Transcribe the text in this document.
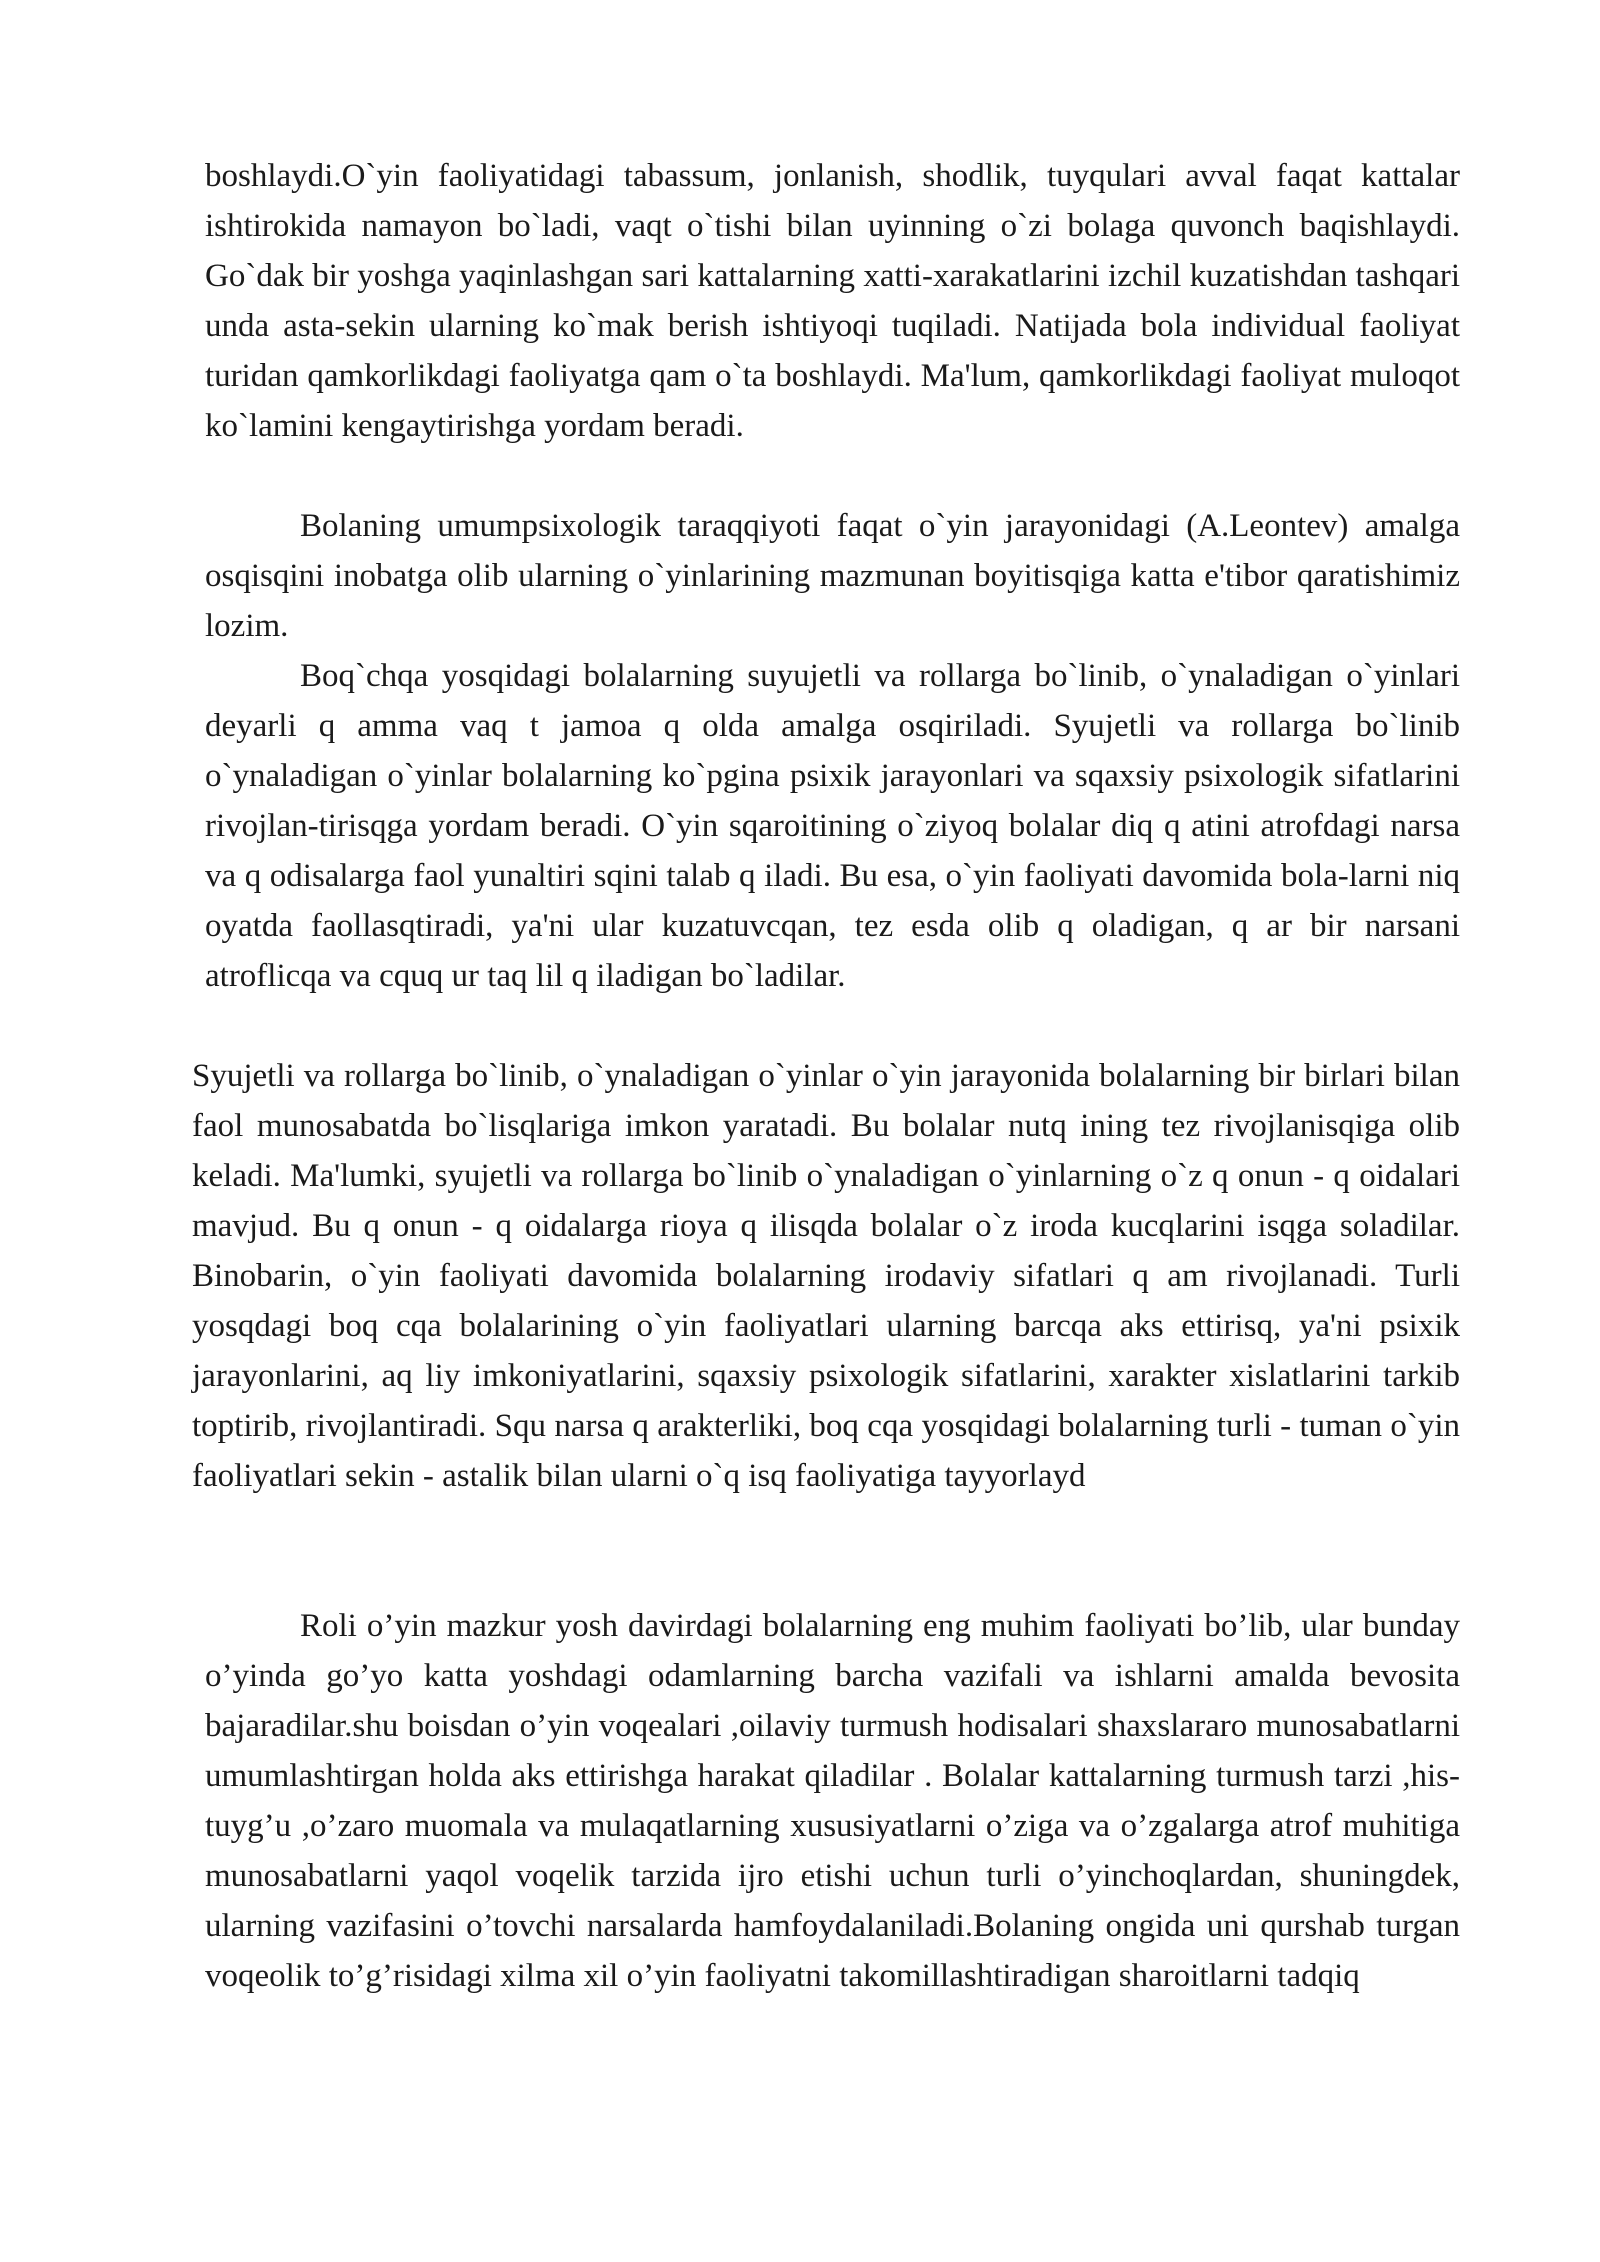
boshlaydi.O`yin faoliyatidagi tabassum, jonlanish, shodlik, tuyqulari avval faqat kattalar ishtirokida namayon bo`ladi, vaqt o`tishi bilan uyinning o`zi bolaga quvonch baqishlaydi. Go`dak bir yoshga yaqinlashgan sari kattalarning xatti-xarakatlarini izchil kuzatishdan tashqari unda asta-sekin ularning ko`mak berish ishtiyoqi tuqiladi. Natijada bola individual faoliyat turidan qamkorlikdagi faoliyatga qam o`ta boshlaydi. Ma'lum, qamkorlikdagi faoliyat muloqot ko`lamini kengaytirishga yordam beradi.

Bolaning umumpsixologik taraqqiyoti faqat o`yin jarayonidagi (A.Leontev) amalga osqisqini inobatga olib ularning o`yinlarining mazmunan boyitisqiga katta e'tibor qaratishimiz lozim.

Boq`chqa yosqidagi bolalarning suyujetli va rollarga bo`linib, o`ynaladigan o`yinlari deyarli q amma vaq t jamoa q olda amalga osqiriladi. Syujetli va rollarga bo`linib o`ynaladigan o`yinlar bolalarning ko`pgina psixik jarayonlari va sqaxsiy psixologik sifatlarini rivojlan-tirisqga yordam beradi. O`yin sqaroitining o`ziyoq bolalar diq q atini atrofdagi narsa va q odisalarga faol yunaltiri sqini talab q iladi. Bu esa, o`yin faoliyati davomida bola-larni niq oyatda faollasqtiradi, ya'ni ular kuzatuvcqan, tez esda olib q oladigan, q ar bir narsani atroflicqa va cquq ur taq lil q iladigan bo`ladilar.

Syujetli va rollarga bo`linib, o`ynaladigan o`yinlar o`yin jarayonida bolalarning bir birlari bilan faol munosabatda bo`lisqlariga imkon yaratadi. Bu bolalar nutq ining tez rivojlanisqiga olib keladi. Ma'lumki, syujetli va rollarga bo`linib o`ynaladigan o`yinlarning o`z q onun - q oidalari mavjud. Bu q onun - q oidalarga rioya q ilisqda bolalar o`z iroda kucqlarini isqga soladilar. Binobarin, o`yin faoliyati davomida bolalarning irodaviy sifatlari q am rivojlanadi. Turli yosqdagi boq cqa bolalarining o`yin faoliyatlari ularning barcqa aks ettirisq, ya'ni psixik jarayonlarini, aq liy imkoniyatlarini, sqaxsiy psixologik sifatlarini, xarakter xislatlarini tarkib toptirib, rivojlantiradi. Squ narsa q arakterliki, boq cqa yosqidagi bolalarning turli - tuman o`yin faoliyatlari sekin - astalik bilan ularni o`q isq faoliyatiga tayyorlayd

Roli o’yin mazkur yosh davirdagi bolalarning eng muhim faoliyati bo’lib, ular bunday o’yinda go’yo katta yoshdagi odamlarning barcha vazifali va ishlarni amalda bevosita bajaradilar.shu boisdan o’yin voqealari ,oilaviy turmush hodisalari shaxslararo munosabatlarni umumlashtirgan holda aks ettirishga harakat qiladilar . Bolalar kattalarning turmush tarzi ,his-tuyg’u ,o’zaro muomala va mulaqatlarning xususiyatlarni o’ziga va o’zgalarga atrof muhitiga munosabatlarni yaqol voqelik tarzida ijro etishi uchun turli o’yinchoqlardan, shuningdek, ularning vazifasini o’tovchi narsalarda hamfoydalaniladi.Bolaning ongida uni qurshab turgan voqeolik to’g’risidagi xilma xil o’yin faoliyatni takomillashtiradigan sharoitlarni tadqiq
